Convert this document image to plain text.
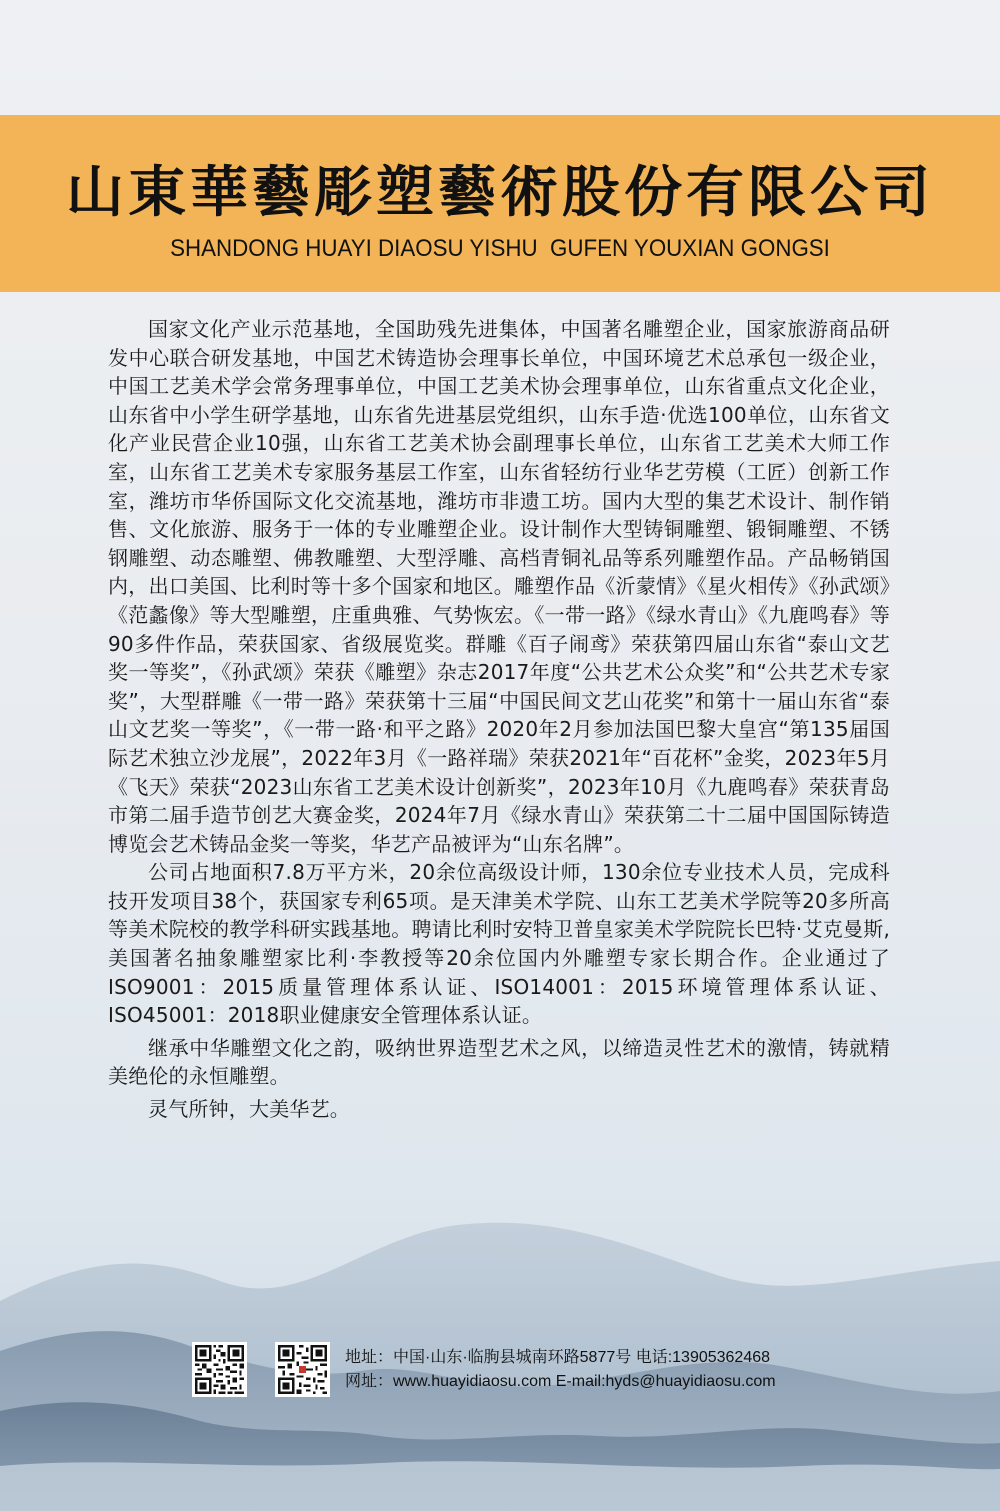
山東華藝彫塑藝術股份有限公司
SHANDONG HUAYI DIAOSU YISHU  GUFEN YOUXIAN GONGSI

国家文化产业示范基地，全国助残先进集体，中国著名雕塑企业，国家旅游商品研发中心联合研发基地，中国艺术铸造协会理事长单位，中国环境艺术总承包一级企业，中国工艺美术学会常务理事单位，中国工艺美术协会理事单位，山东省重点文化企业，山东省中小学生研学基地，山东省先进基层党组织，山东手造·优选100单位，山东省文化产业民营企业10强，山东省工艺美术协会副理事长单位，山东省工艺美术大师工作室，山东省工艺美术专家服务基层工作室，山东省轻纺行业华艺劳模（工匠）创新工作室，潍坊市华侨国际文化交流基地，潍坊市非遗工坊。国内大型的集艺术设计、制作销售、文化旅游、服务于一体的专业雕塑企业。设计制作大型铸铜雕塑、锻铜雕塑、不锈钢雕塑、动态雕塑、佛教雕塑、大型浮雕、高档青铜礼品等系列雕塑作品。产品畅销国内，出口美国、比利时等十多个国家和地区。雕塑作品《沂蒙情》《星火相传》《孙武颂》《范蠡像》等大型雕塑，庄重典雅、气势恢宏。《一带一路》《绿水青山》《九鹿鸣春》等90多件作品，荣获国家、省级展览奖。群雕《百子闹鸢》荣获第四届山东省“泰山文艺奖一等奖”，《孙武颂》荣获《雕塑》杂志2017年度“公共艺术公众奖”和“公共艺术专家奖”，大型群雕《一带一路》荣获第十三届“中国民间文艺山花奖”和第十一届山东省“泰山文艺奖一等奖”，《一带一路·和平之路》2020年2月参加法国巴黎大皇宫“第135届国际艺术独立沙龙展”，2022年3月《一路祥瑞》荣获2021年“百花杯”金奖，2023年5月《飞天》荣获“2023山东省工艺美术设计创新奖”，2023年10月《九鹿鸣春》荣获青岛市第二届手造节创艺大赛金奖，2024年7月《绿水青山》荣获第二十二届中国国际铸造博览会艺术铸品金奖一等奖，华艺产品被评为“山东名牌”。

公司占地面积7.8万平方米，20余位高级设计师，130余位专业技术人员，完成科技开发项目38个，获国家专利65项。是天津美术学院、山东工艺美术学院等20多所高等美术院校的教学科研实践基地。聘请比利时安特卫普皇家美术学院院长巴特·艾克曼斯,美国著名抽象雕塑家比利·李教授等20余位国内外雕塑专家长期合作。企业通过了ISO9001：2015质量管理体系认证、ISO14001：2015环境管理体系认证、ISO45001：2018职业健康安全管理体系认证。

继承中华雕塑文化之韵，吸纳世界造型艺术之风，以缔造灵性艺术的激情，铸就精美绝伦的永恒雕塑。

灵气所钟，大美华艺。

地址：中国·山东·临朐县城南环路5877号 电话:13905362468
网址：www.huayidiaosu.com E-mail:hyds@huayidiaosu.com
